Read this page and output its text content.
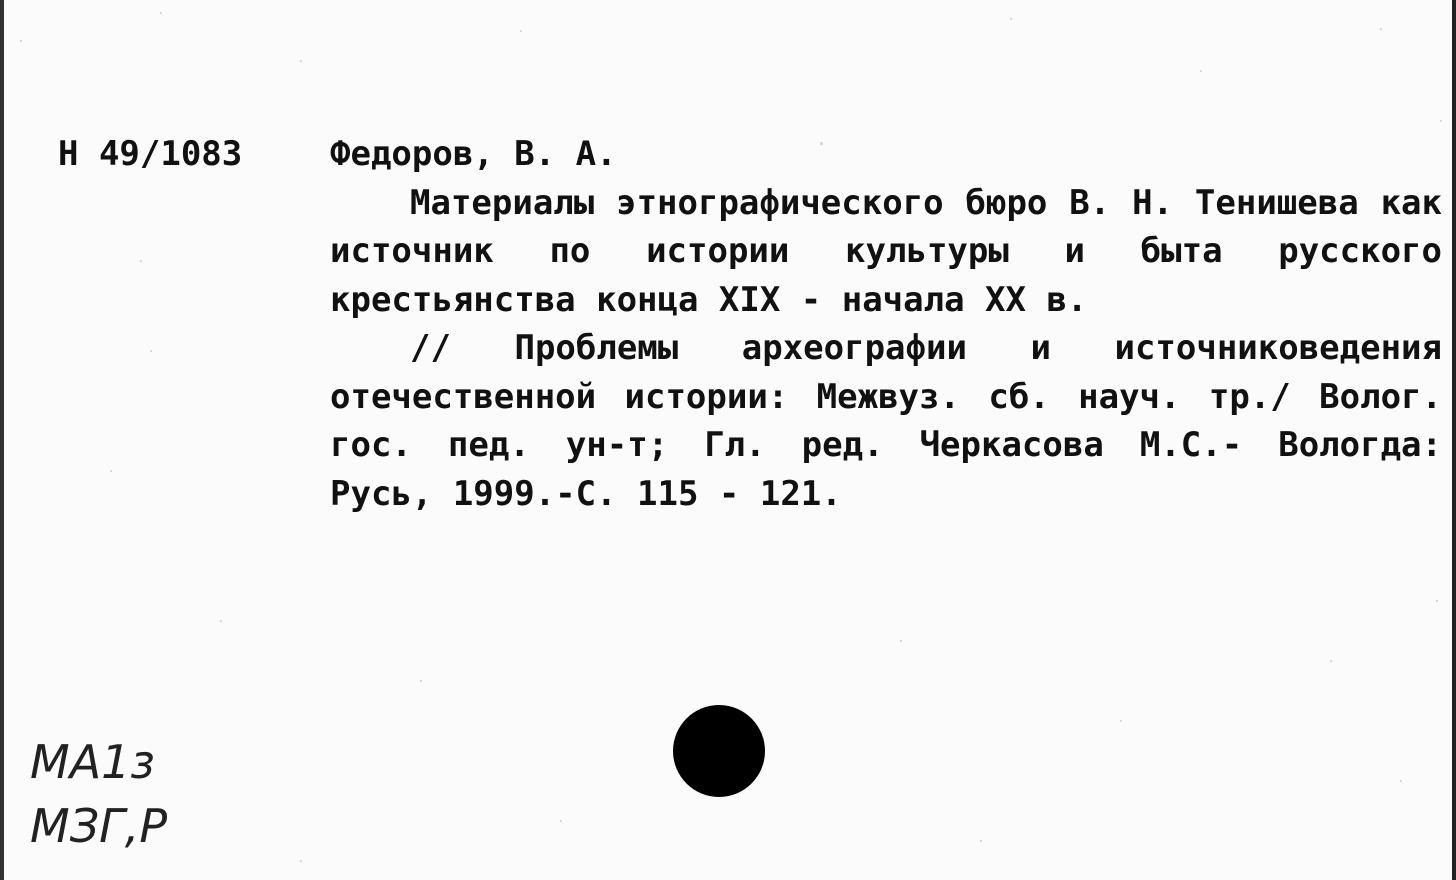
Н 49/1083	Федоров, В. А.

Материалы этнографического бюро В. Н. Тенишева как источник по истории культуры и быта русского крестьянства конца XIX - начала XX в.

// Проблемы археографии и источниковедения отечественной истории: Межвуз. сб. науч. тр./ Волог. гос. пед. ун-т; Гл. ред. Черкасова М.С.- Вологда: Русь, 1999.-С. 115 - 121.

МА1з
МЗГ,Р
